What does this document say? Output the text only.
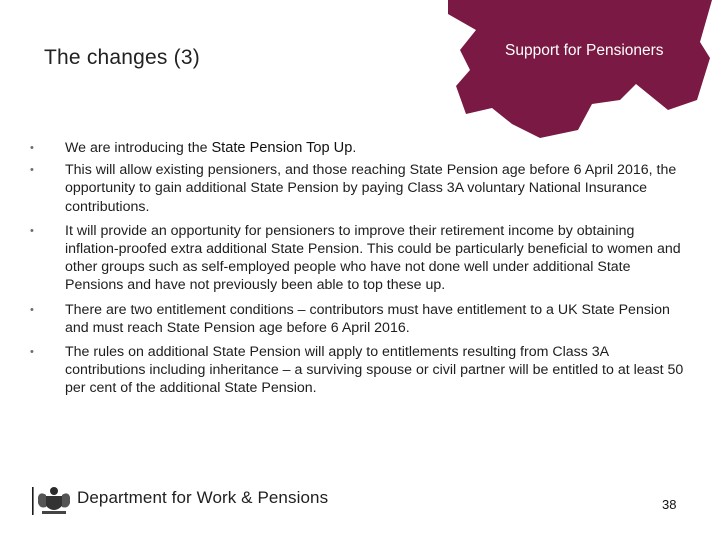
The changes (3)	Support for Pensioners
• We are introducing the State Pension Top Up.
• This will allow existing pensioners, and those reaching State Pension age before 6 April 2016, the opportunity to gain additional State Pension by paying Class 3A voluntary National Insurance contributions.
• It will provide an opportunity for pensioners to improve their retirement income by obtaining inflation-proofed extra additional State Pension. This could be particularly beneficial to women and other groups such as self-employed people who have not done well under additional State Pensions and have not previously been able to top these up.
• There are two entitlement conditions – contributors must have entitlement to a UK State Pension and must reach State Pension age before 6 April 2016.
• The rules on additional State Pension will apply to entitlements resulting from Class 3A contributions including inheritance – a surviving spouse or civil partner will be entitled to at least 50 per cent of the additional State Pension.
Department for Work & Pensions	38
